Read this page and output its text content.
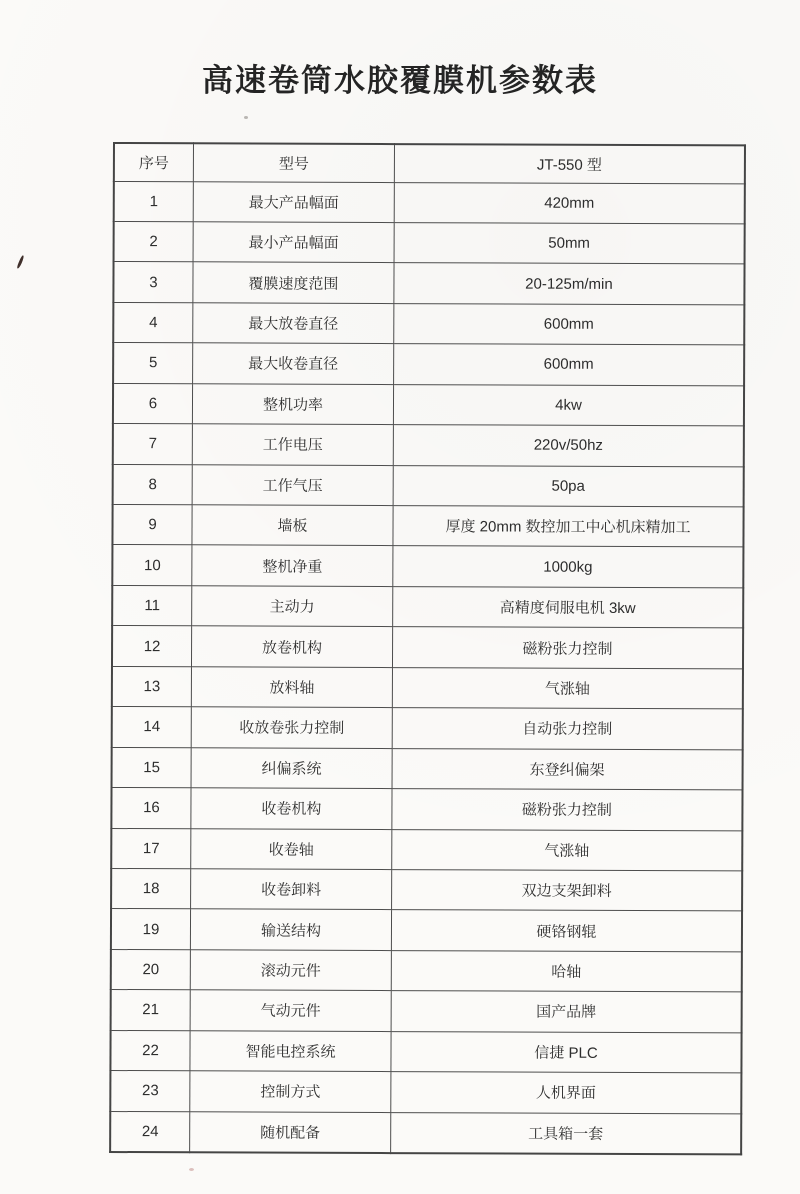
高速卷筒水胶覆膜机参数表
序号	型号	JT-550 型
1	最大产品幅面	420mm
2	最小产品幅面	50mm
3	覆膜速度范围	20-125m/min
4	最大放卷直径	600mm
5	最大收卷直径	600mm
6	整机功率	4kw
7	工作电压	220v/50hz
8	工作气压	50pa
9	墙板	厚度 20mm 数控加工中心机床精加工
10	整机净重	1000kg
11	主动力	高精度伺服电机 3kw
12	放卷机构	磁粉张力控制
13	放料轴	气涨轴
14	收放卷张力控制	自动张力控制
15	纠偏系统	东登纠偏架
16	收卷机构	磁粉张力控制
17	收卷轴	气涨轴
18	收卷卸料	双边支架卸料
19	输送结构	硬铬钢辊
20	滚动元件	哈轴
21	气动元件	国产品牌
22	智能电控系统	信捷 PLC
23	控制方式	人机界面
24	随机配备	工具箱一套
